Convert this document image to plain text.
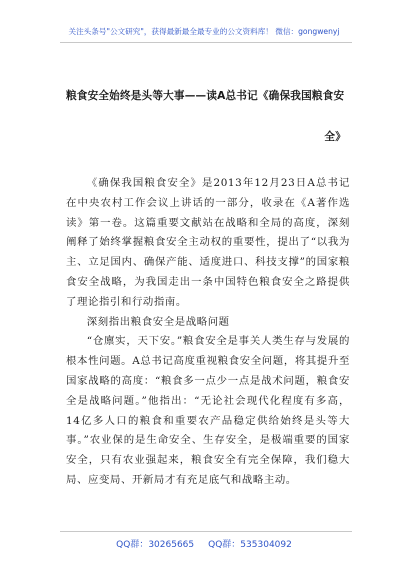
关注头条号"公文研究"，获得最新最全最专业的公文资料库！ 微信：gongwenyj
粮食安全始终是头等大事——读A总书记《确保我国粮食安
全》

《确保我国粮食安全》是2013年12月23日A总书记在中央农村工作会议上讲话的一部分，收录在《A著作选读》第一卷。这篇重要文献站在战略和全局的高度，深刻阐释了始终掌握粮食安全主动权的重要性，提出了“以我为主、立足国内、确保产能、适度进口、科技支撑”的国家粮食安全战略，为我国走出一条中国特色粮食安全之路提供了理论指引和行动指南。

深刻指出粮食安全是战略问题

“仓廪实，天下安。”粮食安全是事关人类生存与发展的根本性问题。A总书记高度重视粮食安全问题，将其提升至国家战略的高度：“粮食多一点少一点是战术问题，粮食安全是战略问题。”他指出：“无论社会现代化程度有多高，14亿多人口的粮食和重要农产品稳定供给始终是头等大事。”农业保的是生命安全、生存安全，是极端重要的国家安全，只有农业强起来，粮食安全有完全保障，我们稳大局、应变局、开新局才有充足底气和战略主动。

QQ群：30265665 QQ群：535304092
